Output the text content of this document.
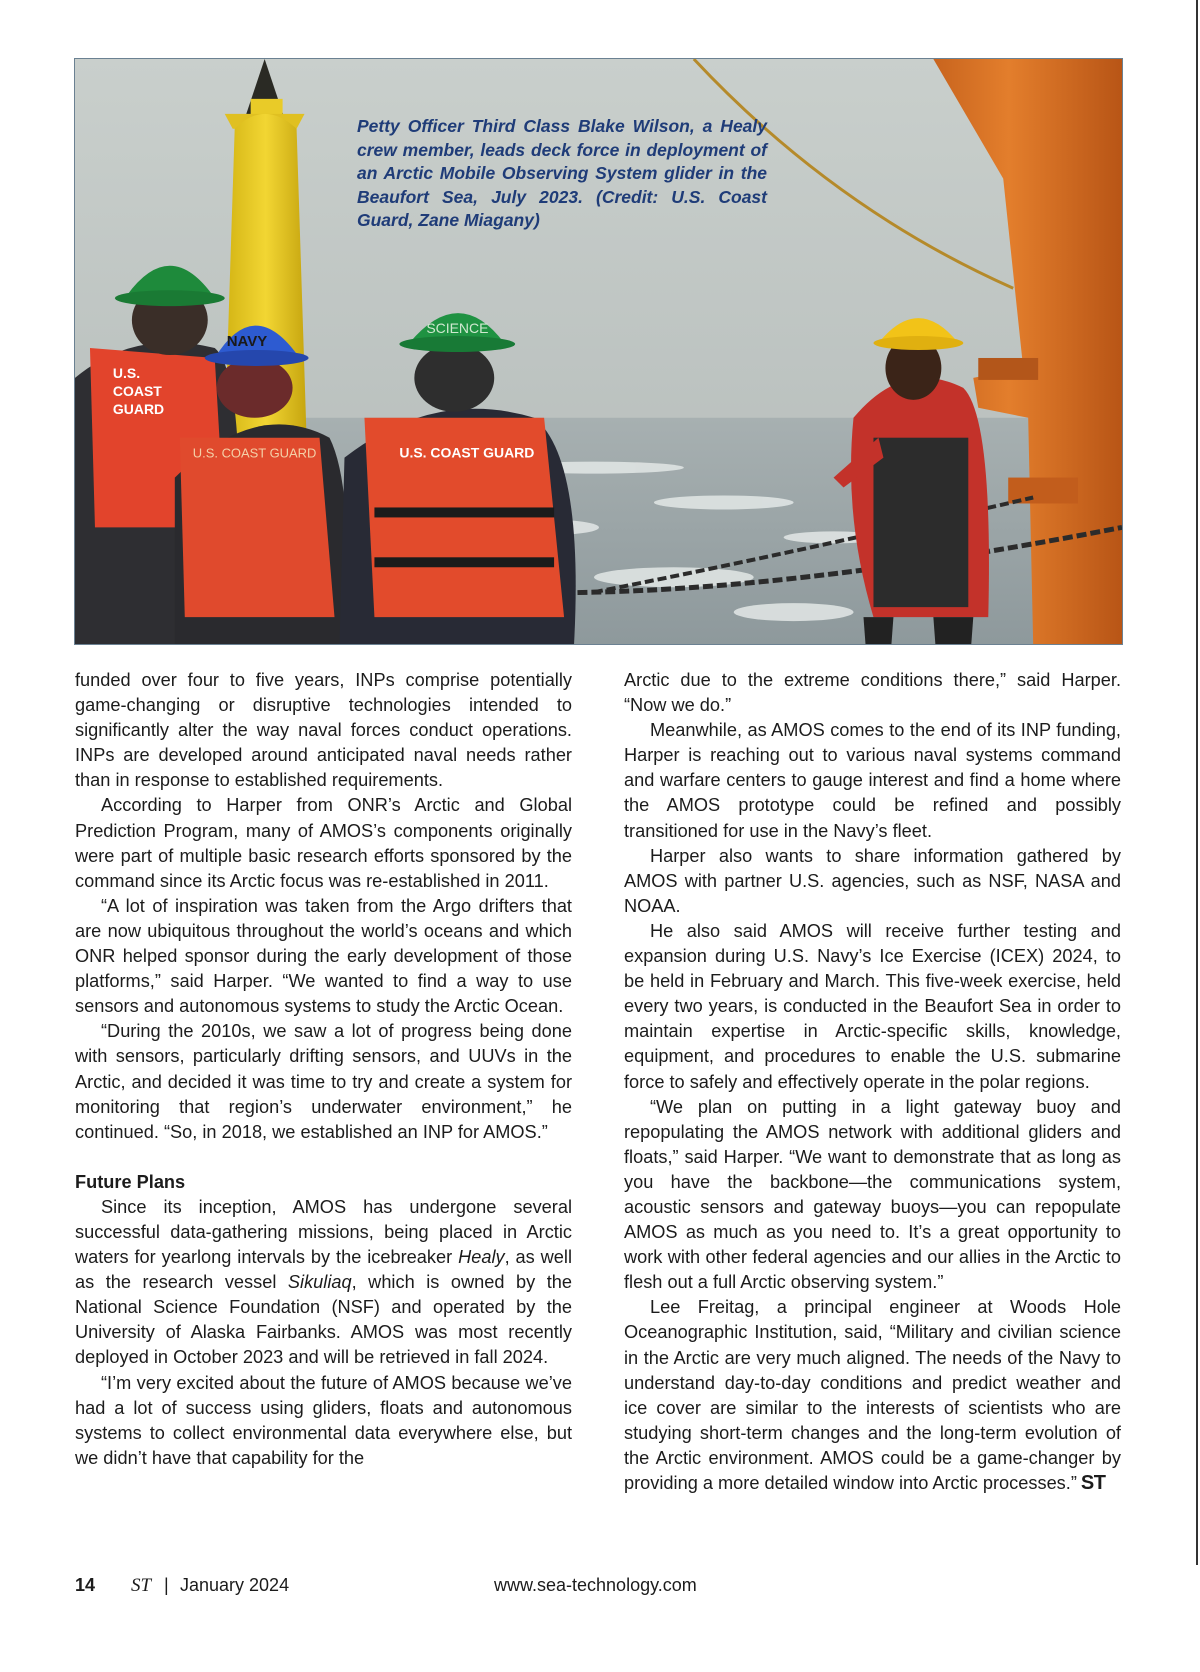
U.S.
COAST
GUARD
NAVY
U.S. COAST GUARD
SCIENCE
U.S. COAST GUARD

Petty Officer Third Class Blake Wilson, a Healy crew member, leads deck force in deployment of an Arctic Mobile Observing System glider in the Beaufort Sea, July 2023. (Credit: U.S. Coast Guard, Zane Miagany)

funded over four to five years, INPs comprise potentially game-changing or disruptive technologies intended to significantly alter the way naval forces conduct operations. INPs are developed around anticipated naval needs rather than in response to established requirements.

According to Harper from ONR’s Arctic and Global Prediction Program, many of AMOS’s components originally were part of multiple basic research efforts sponsored by the command since its Arctic focus was re-established in 2011.

“A lot of inspiration was taken from the Argo drifters that are now ubiquitous throughout the world’s oceans and which ONR helped sponsor during the early development of those platforms,” said Harper. “We wanted to find a way to use sensors and autonomous systems to study the Arctic Ocean.

“During the 2010s, we saw a lot of progress being done with sensors, particularly drifting sensors, and UUVs in the Arctic, and decided it was time to try and create a system for monitoring that region’s underwater environment,” he continued. “So, in 2018, we established an INP for AMOS.”

Future Plans

Since its inception, AMOS has undergone several successful data-gathering missions, being placed in Arctic waters for yearlong intervals by the icebreaker Healy, as well as the research vessel Sikuliaq, which is owned by the National Science Foundation (NSF) and operated by the University of Alaska Fairbanks. AMOS was most recently deployed in October 2023 and will be retrieved in fall 2024.

“I’m very excited about the future of AMOS because we’ve had a lot of success using gliders, floats and autonomous systems to collect environmental data everywhere else, but we didn’t have that capability for the

Arctic due to the extreme conditions there,” said Harper. “Now we do.”

Meanwhile, as AMOS comes to the end of its INP funding, Harper is reaching out to various naval systems command and warfare centers to gauge interest and find a home where the AMOS prototype could be refined and possibly transitioned for use in the Navy’s fleet.

Harper also wants to share information gathered by AMOS with partner U.S. agencies, such as NSF, NASA and NOAA.

He also said AMOS will receive further testing and expansion during U.S. Navy’s Ice Exercise (ICEX) 2024, to be held in February and March. This five-week exercise, held every two years, is conducted in the Beaufort Sea in order to maintain expertise in Arctic-specific skills, knowledge, equipment, and procedures to enable the U.S. submarine force to safely and effectively operate in the polar regions.

“We plan on putting in a light gateway buoy and repopulating the AMOS network with additional gliders and floats,” said Harper. “We want to demonstrate that as long as you have the backbone—the communications system, acoustic sensors and gateway buoys—you can repopulate AMOS as much as you need to. It’s a great opportunity to work with other federal agencies and our allies in the Arctic to flesh out a full Arctic observing system.”

Lee Freitag, a principal engineer at Woods Hole Oceanographic Institution, said, “Military and civilian science in the Arctic are very much aligned. The needs of the Navy to understand day-to-day conditions and predict weather and ice cover are similar to the interests of scientists who are studying short-term changes and the long-term evolution of the Arctic environment. AMOS could be a game-changer by providing a more detailed window into Arctic processes.” ST

14 ST | January 2024	www.sea-technology.com
